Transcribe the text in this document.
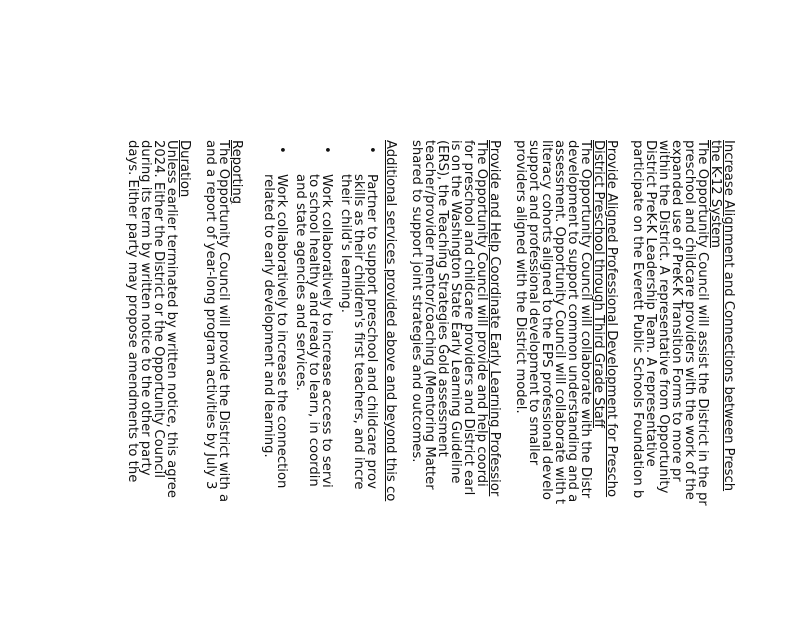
Increase Alignment and Connections between Presch
the K-12 System
The Opportunity Council will assist the District in the pr
preschool and childcare providers with the work of the
expanded use of PreK-K Transition Forms to more pr
within the District. A representative from Opportunity
District PreK-K Leadership Team. A representative
participate on the Everett Public Schools Foundation b
Provide Aligned Professional Development for Prescho
District Preschool through Third Grade Staff
The Opportunity Council will collaborate with the Distr
development to support common understanding and a
assessment. Opportunity Council will collaborate with t
literacy cohorts aligned to the EPS professional develo
support and professional development to smaller
providers aligned with the District model.
Provide and Help Coordinate Early Learning Professior
The Opportunity Council will provide and help coordi
for preschool and childcare providers and District earl
is on the Washington State Early Learning Guideline
(ERS), the Teaching Strategies Gold assessment
teacher/provider mentor/coaching (Mentoring Matter
shared to support joint strategies and outcomes.
Additional services provided above and beyond this co
•
Partner to support preschool and childcare prov
skills as their children's first teachers, and incre
their child's learning.
•
Work collaboratively to increase access to servi
to school healthy and ready to learn, in coordin
and state agencies and services.
•
Work collaboratively to increase the connection
related to early development and learning.
Reporting
The Opportunity Council will provide the District with a
and a report of year-long program activities by July 3
Duration
Unless earlier terminated by written notice, this agree
2024. Either the District or the Opportunity Council
during its term by written notice to the other party
days. Either party may propose amendments to the
